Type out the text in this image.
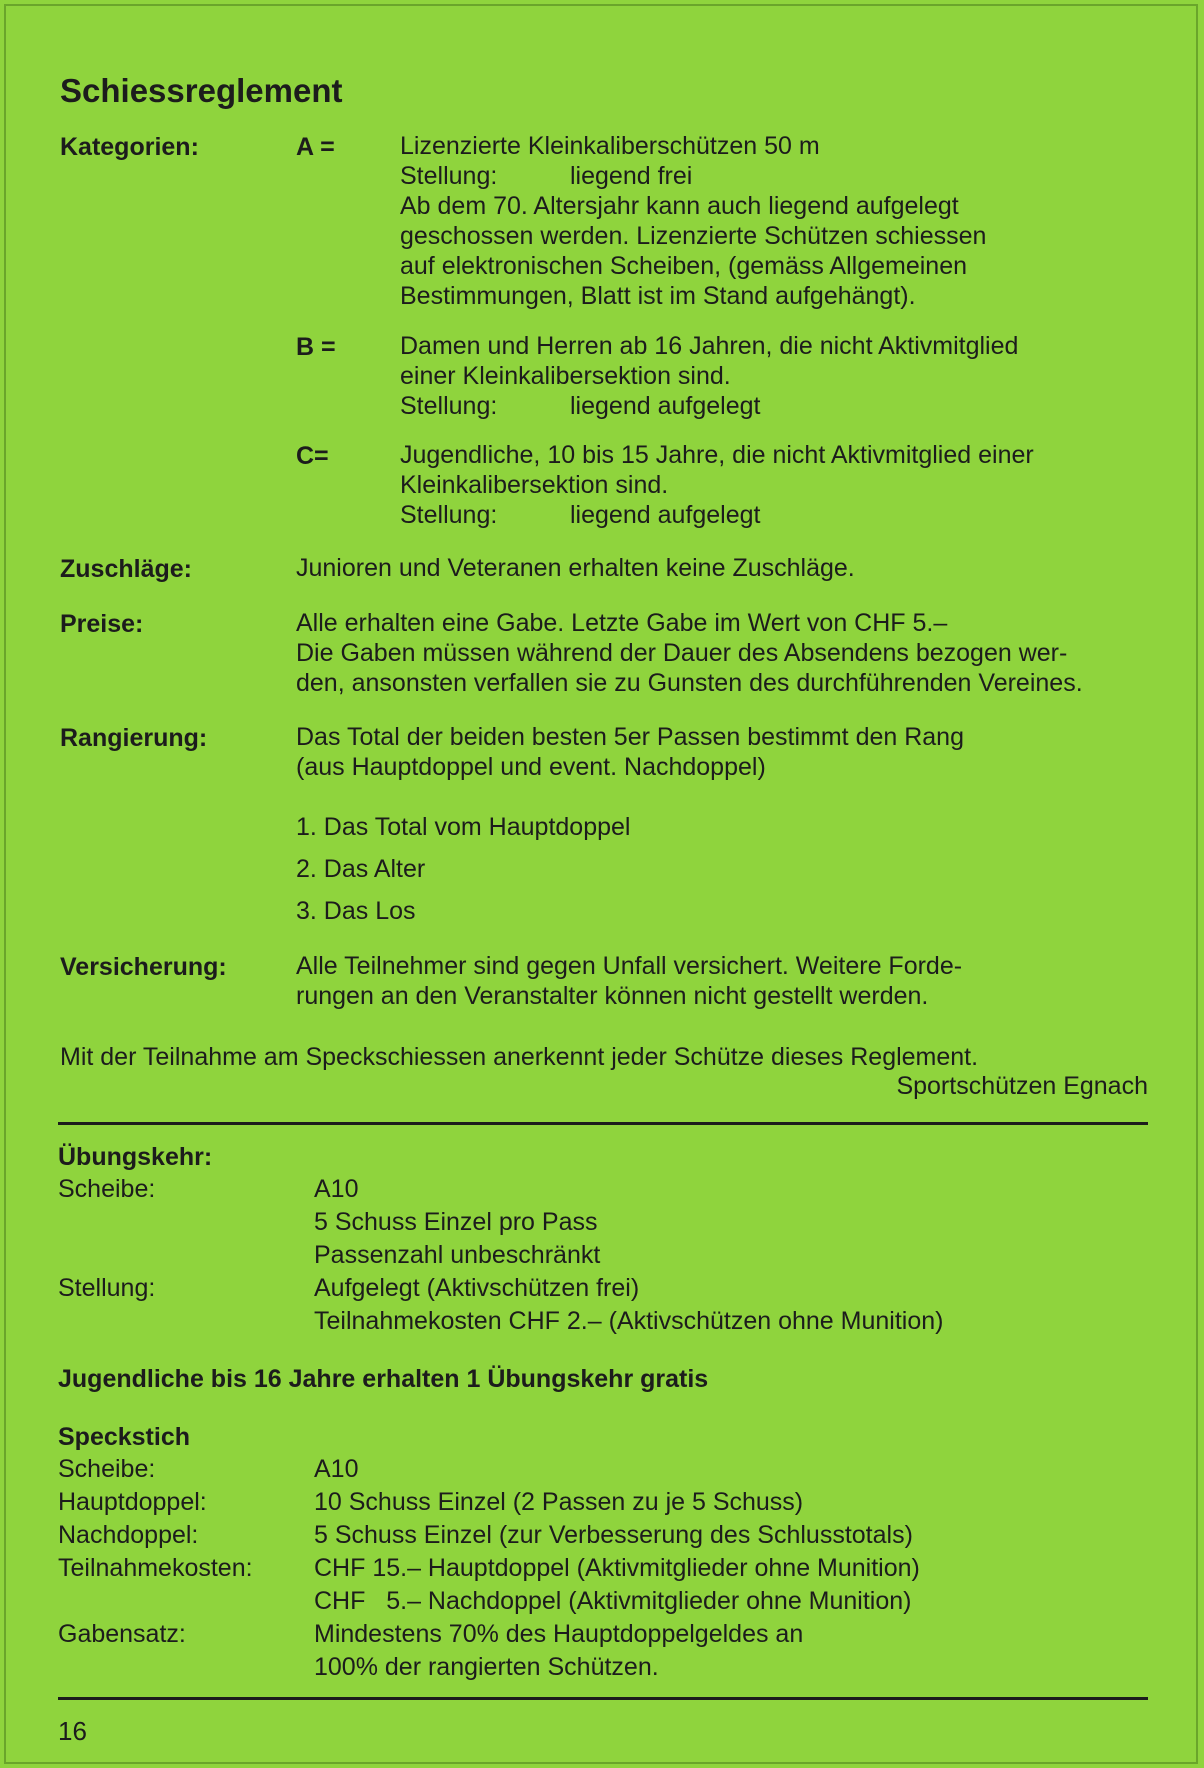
Schiessreglement
Kategorien:	A =	Lizenzierte Kleinkaliberschützen 50 m
Stellung:	liegend frei
Ab dem 70. Altersjahr kann auch liegend aufgelegt
geschossen werden. Lizenzierte Schützen schiessen
auf elektronischen Scheiben, (gemäss Allgemeinen
Bestimmungen, Blatt ist im Stand aufgehängt).
B =	Damen und Herren ab 16 Jahren, die nicht Aktivmitglied
einer Kleinkalibersektion sind.
Stellung:	liegend aufgelegt
C=	Jugendliche, 10 bis 15 Jahre, die nicht Aktivmitglied einer
Kleinkalibersektion sind.
Stellung:	liegend aufgelegt
Zuschläge:	Junioren und Veteranen erhalten keine Zuschläge.
Preise:	Alle erhalten eine Gabe. Letzte Gabe im Wert von CHF 5.–
Die Gaben müssen während der Dauer des Absendens bezogen wer-
den, ansonsten verfallen sie zu Gunsten des durchführenden Vereines.
Rangierung:	Das Total der beiden besten 5er Passen bestimmt den Rang
(aus Hauptdoppel und event. Nachdoppel)
1. Das Total vom Hauptdoppel
2. Das Alter
3. Das Los
Versicherung:	Alle Teilnehmer sind gegen Unfall versichert. Weitere Forde-
rungen an den Veranstalter können nicht gestellt werden.
Mit der Teilnahme am Speckschiessen anerkennt jeder Schütze dieses Reglement.
Sportschützen Egnach
Übungskehr:
Scheibe:	A10
5 Schuss Einzel pro Pass
Passenzahl unbeschränkt
Stellung:	Aufgelegt (Aktivschützen frei)
Teilnahmekosten CHF 2.– (Aktivschützen ohne Munition)
Jugendliche bis 16 Jahre erhalten 1 Übungskehr gratis
Speckstich
Scheibe:	A10
Hauptdoppel:	10 Schuss Einzel (2 Passen zu je 5 Schuss)
Nachdoppel:	5 Schuss Einzel (zur Verbesserung des Schlusstotals)
Teilnahmekosten: CHF 15.– Hauptdoppel (Aktivmitglieder ohne Munition)
CHF   5.– Nachdoppel (Aktivmitglieder ohne Munition)
Gabensatz:	Mindestens 70% des Hauptdoppelgeldes an
100% der rangierten Schützen.
16
